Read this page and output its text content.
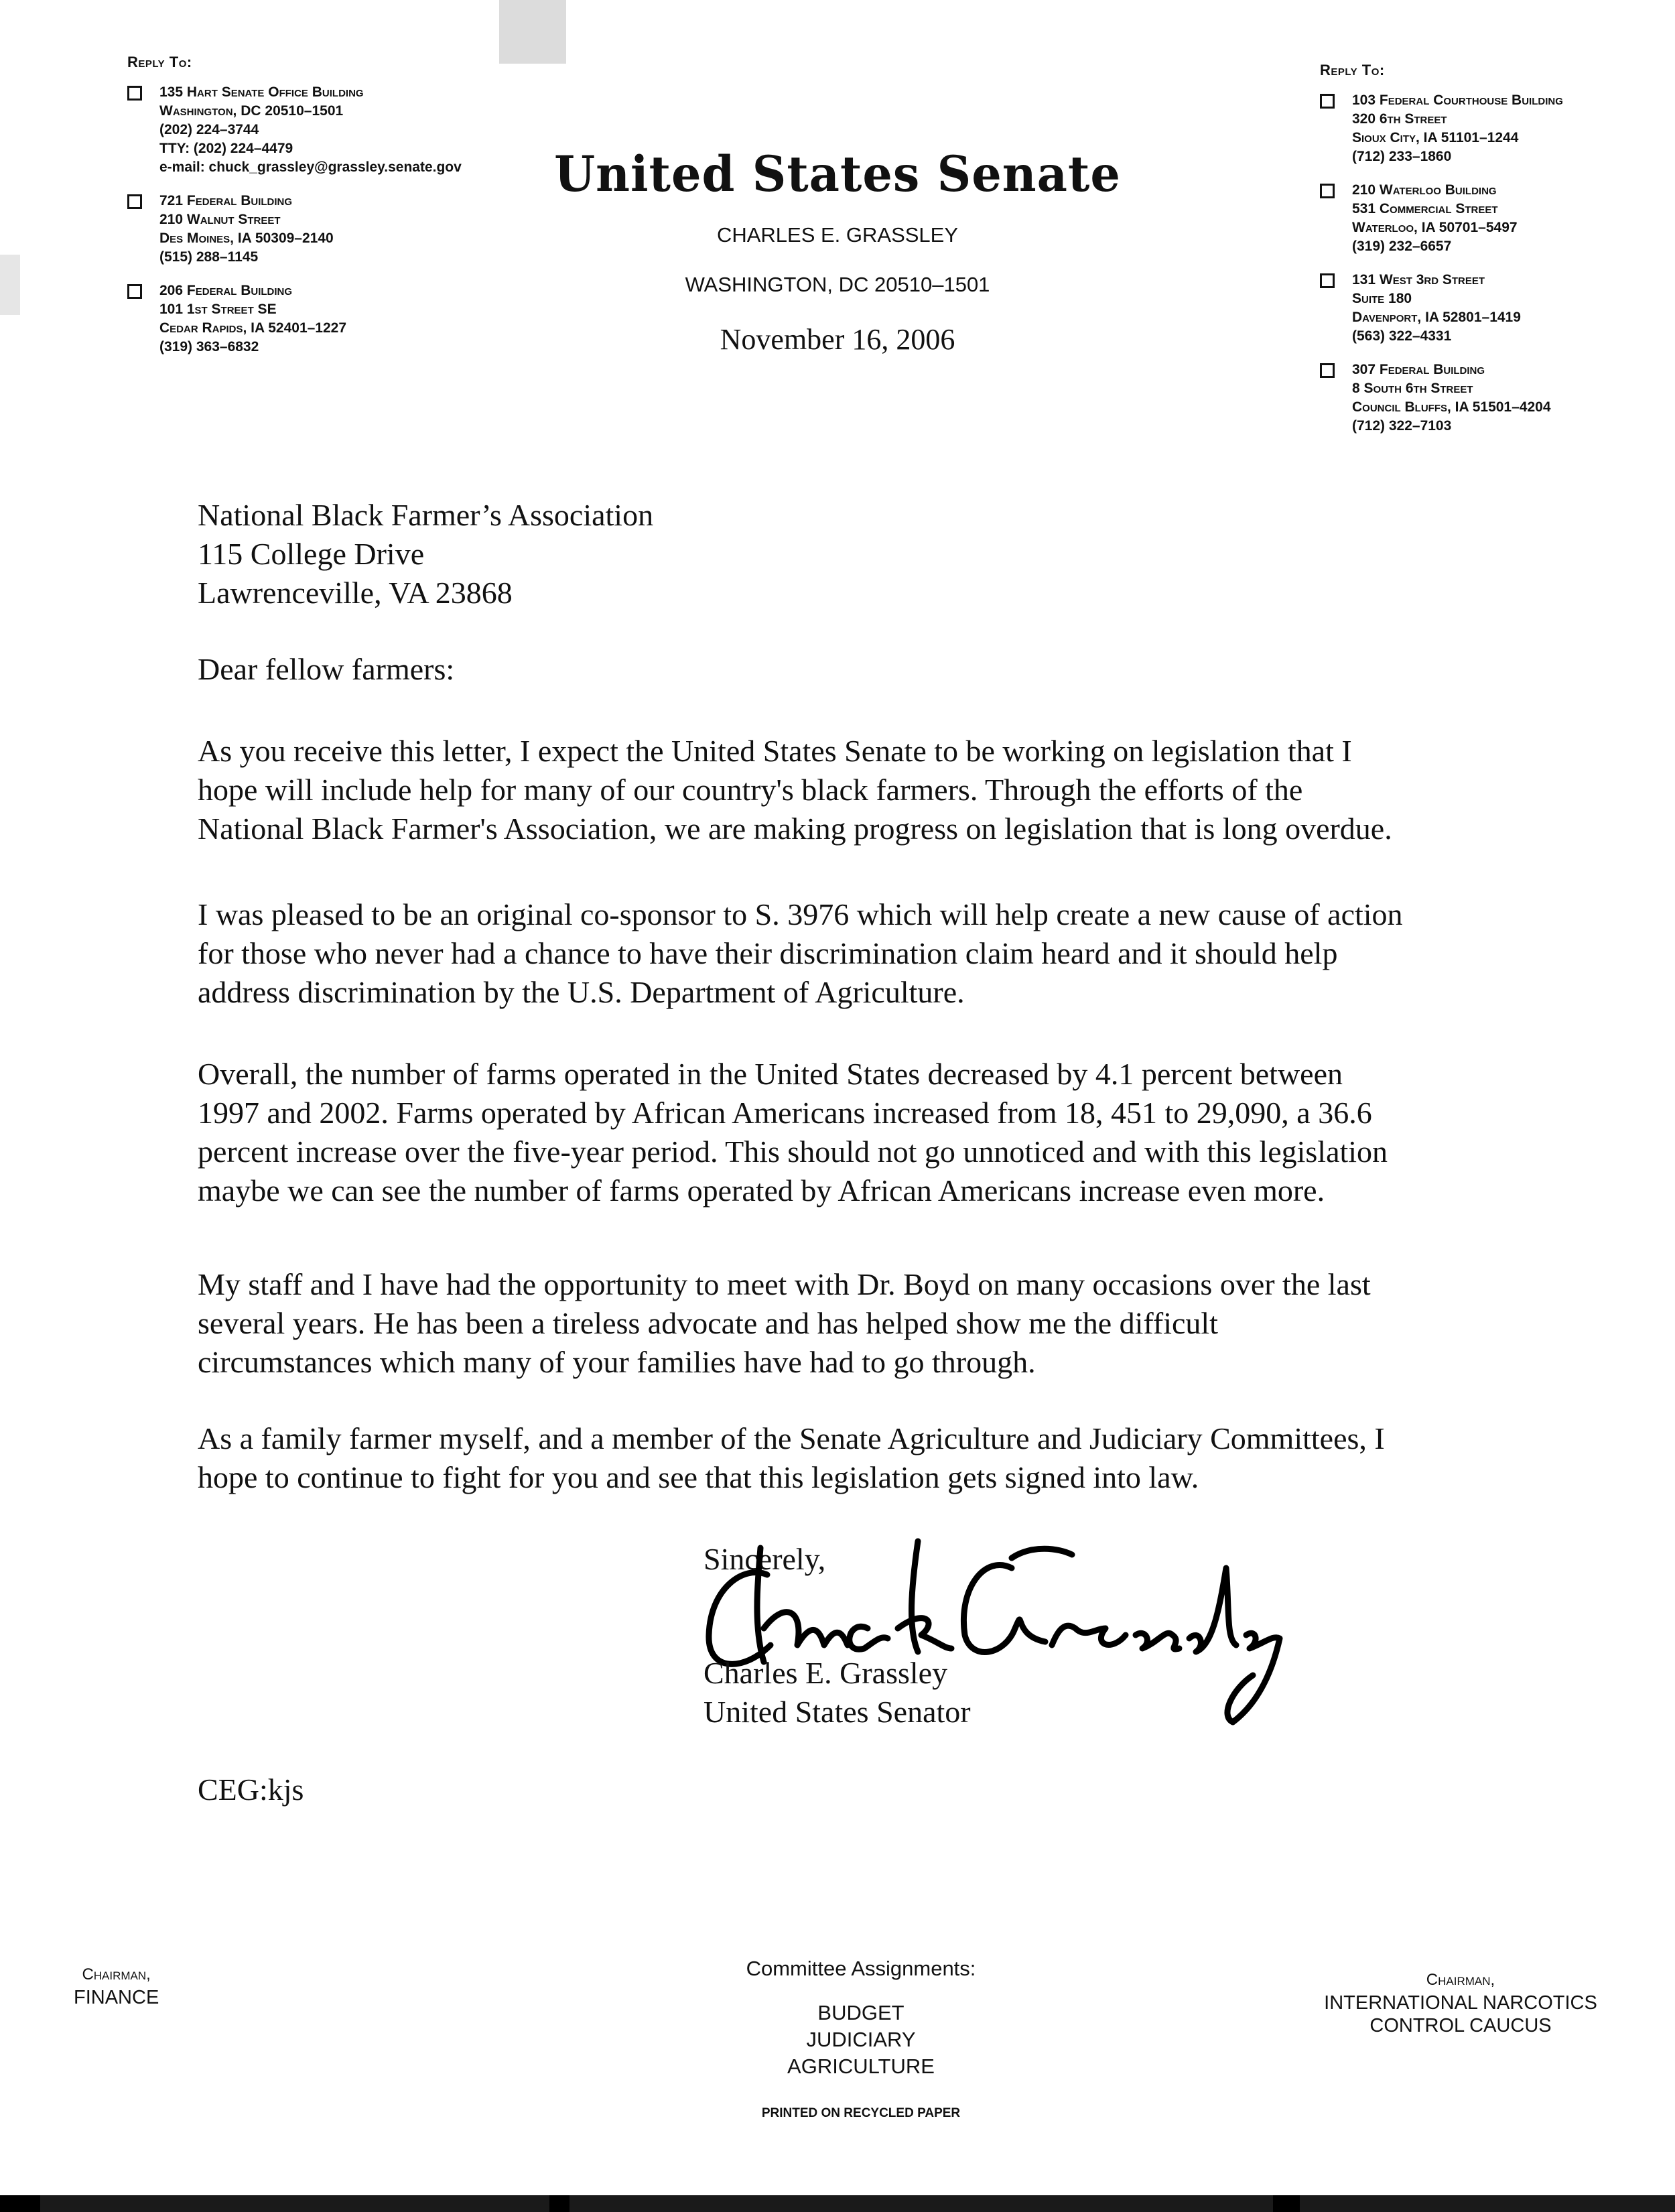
Reply To:
135 Hart Senate Office Building
Washington, DC 20510–1501
(202) 224–3744
TTY: (202) 224–4479
e-mail: chuck_grassley@grassley.senate.gov
721 Federal Building
210 Walnut Street
Des Moines, IA 50309–2140
(515) 288–1145
206 Federal Building
101 1st Street SE
Cedar Rapids, IA 52401–1227
(319) 363–6832
Reply To:
103 Federal Courthouse Building
320 6th Street
Sioux City, IA 51101–1244
(712) 233–1860
210 Waterloo Building
531 Commercial Street
Waterloo, IA 50701–5497
(319) 232–6657
131 West 3rd Street
Suite 180
Davenport, IA 52801–1419
(563) 322–4331
307 Federal Building
8 South 6th Street
Council Bluffs, IA 51501–4204
(712) 322–7103
United States Senate
CHARLES E. GRASSLEY
WASHINGTON, DC 20510–1501
November 16, 2006
National Black Farmer’s Association
115 College Drive
Lawrenceville, VA 23868
Dear fellow farmers:
As you receive this letter, I expect the United States Senate to be working on legislation that I
hope will include help for many of our country's black farmers. Through the efforts of the
National Black Farmer's Association, we are making progress on legislation that is long overdue.
I was pleased to be an original co-sponsor to S. 3976 which will help create a new cause of action
for those who never had a chance to have their discrimination claim heard and it should help
address discrimination by the U.S. Department of Agriculture.
Overall, the number of farms operated in the United States decreased by 4.1 percent between
1997 and 2002. Farms operated by African Americans increased from 18, 451 to 29,090, a 36.6
percent increase over the five-year period. This should not go unnoticed and with this legislation
maybe we can see the number of farms operated by African Americans increase even more.
My staff and I have had the opportunity to meet with Dr. Boyd on many occasions over the last
several years. He has been a tireless advocate and has helped show me the difficult
circumstances which many of your families have had to go through.
As a family farmer myself, and a member of the Senate Agriculture and Judiciary Committees, I
hope to continue to fight for you and see that this legislation gets signed into law.
Sincerely,
Charles E. Grassley
United States Senator
CEG:kjs
Chairman,
FINANCE
Committee Assignments:
BUDGET
JUDICIARY
AGRICULTURE
PRINTED ON RECYCLED PAPER
Chairman,
INTERNATIONAL NARCOTICS
CONTROL CAUCUS
